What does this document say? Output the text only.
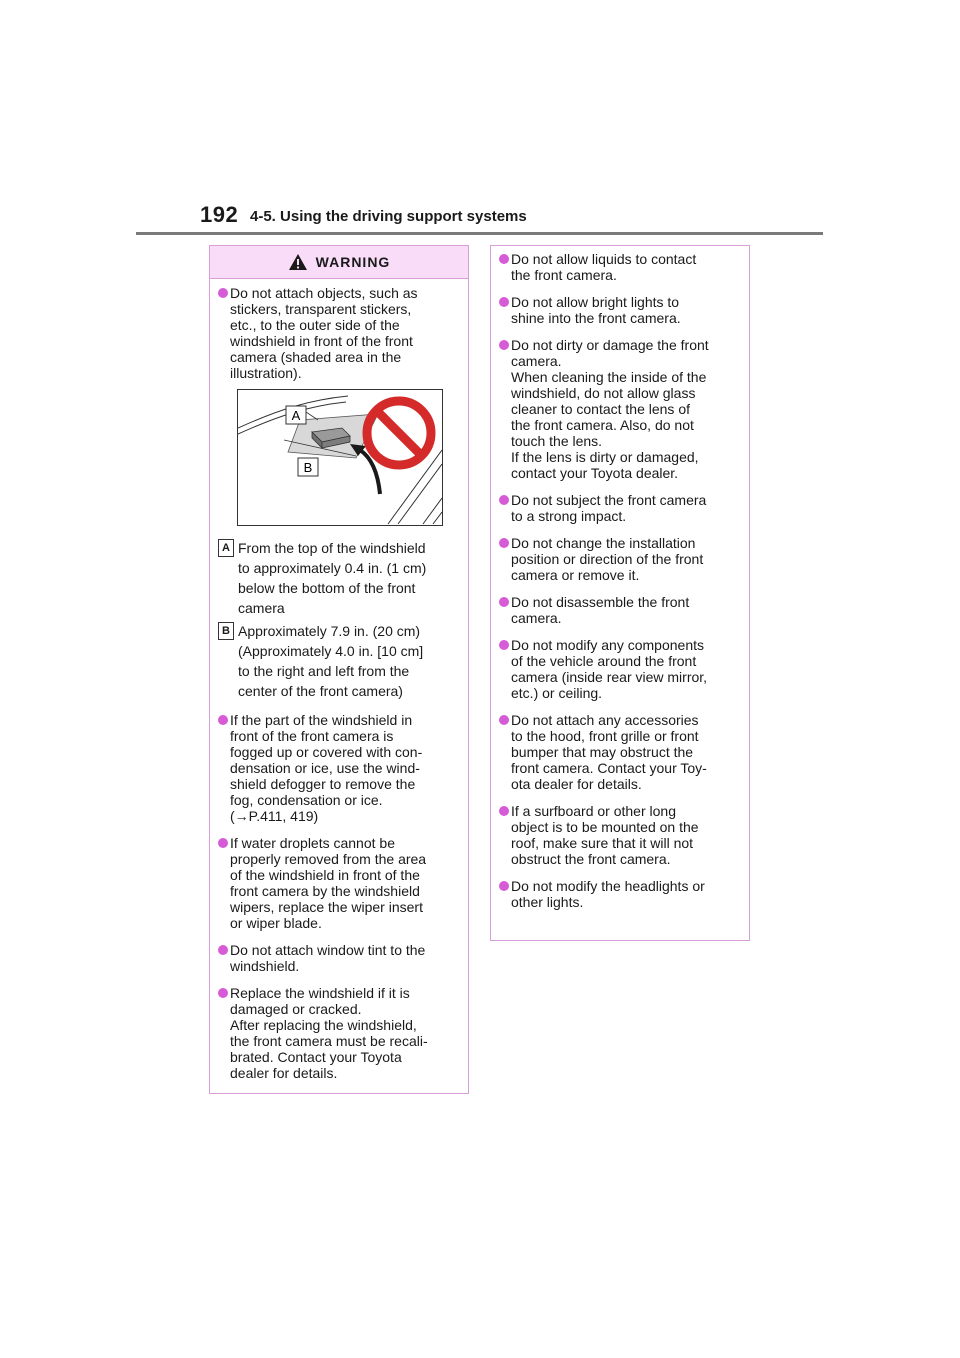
192 4-5. Using the driving support systems
WARNING
Do not attach objects, such as
stickers, transparent stickers,
etc., to the outer side of the
windshield in front of the front
camera (shaded area in the
illustration).
A
B
A From the top of the windshield
to approximately 0.4 in. (1 cm)
below the bottom of the front
camera
B Approximately 7.9 in. (20 cm)
(Approximately 4.0 in. [10 cm]
to the right and left from the
center of the front camera)
If the part of the windshield in
front of the front camera is
fogged up or covered with con-
densation or ice, use the wind-
shield defogger to remove the
fog, condensation or ice.
(→P.411, 419)
If water droplets cannot be
properly removed from the area
of the windshield in front of the
front camera by the windshield
wipers, replace the wiper insert
or wiper blade.
Do not attach window tint to the
windshield.
Replace the windshield if it is
damaged or cracked.
After replacing the windshield,
the front camera must be recali-
brated. Contact your Toyota
dealer for details.
Do not allow liquids to contact
the front camera.
Do not allow bright lights to
shine into the front camera.
Do not dirty or damage the front
camera.
When cleaning the inside of the
windshield, do not allow glass
cleaner to contact the lens of
the front camera. Also, do not
touch the lens.
If the lens is dirty or damaged,
contact your Toyota dealer.
Do not subject the front camera
to a strong impact.
Do not change the installation
position or direction of the front
camera or remove it.
Do not disassemble the front
camera.
Do not modify any components
of the vehicle around the front
camera (inside rear view mirror,
etc.) or ceiling.
Do not attach any accessories
to the hood, front grille or front
bumper that may obstruct the
front camera. Contact your Toy-
ota dealer for details.
If a surfboard or other long
object is to be mounted on the
roof, make sure that it will not
obstruct the front camera.
Do not modify the headlights or
other lights.
